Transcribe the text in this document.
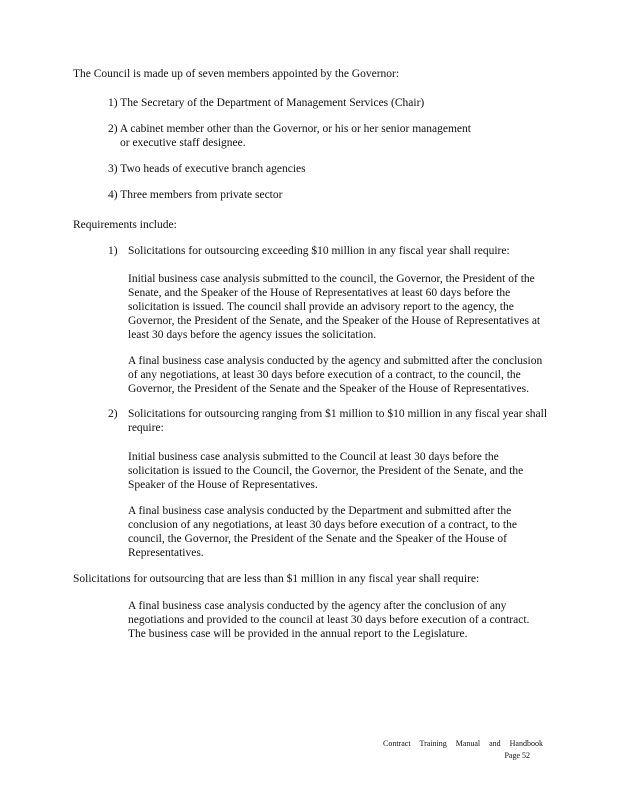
The Council is made up of seven members appointed by the Governor:
1) The Secretary of the Department of Management Services (Chair)
2) A cabinet member other than the Governor, or his or her senior management
or executive staff designee.
3) Two heads of executive branch agencies
4) Three members from private sector
Requirements include:
1) Solicitations for outsourcing exceeding $10 million in any fiscal year shall require:
Initial business case analysis submitted to the council, the Governor, the President of the Senate, and the Speaker of the House of Representatives at least 60 days before the solicitation is issued. The council shall provide an advisory report to the agency, the Governor, the President of the Senate, and the Speaker of the House of Representatives at least 30 days before the agency issues the solicitation.
A final business case analysis conducted by the agency and submitted after the conclusion of any negotiations, at least 30 days before execution of a contract, to the council, the Governor, the President of the Senate and the Speaker of the House of Representatives.
2) Solicitations for outsourcing ranging from $1 million to $10 million in any fiscal year shall require:
Initial business case analysis submitted to the Council at least 30 days before the solicitation is issued to the Council, the Governor, the President of the Senate, and the Speaker of the House of Representatives.
A final business case analysis conducted by the Department and submitted after the conclusion of any negotiations, at least 30 days before execution of a contract, to the council, the Governor, the President of the Senate and the Speaker of the House of Representatives.
Solicitations for outsourcing that are less than $1 million in any fiscal year shall require:
A final business case analysis conducted by the agency after the conclusion of any negotiations and provided to the council at least 30 days before execution of a contract. The business case will be provided in the annual report to the Legislature.
Contract Training Manual and Handbook
Page 52
